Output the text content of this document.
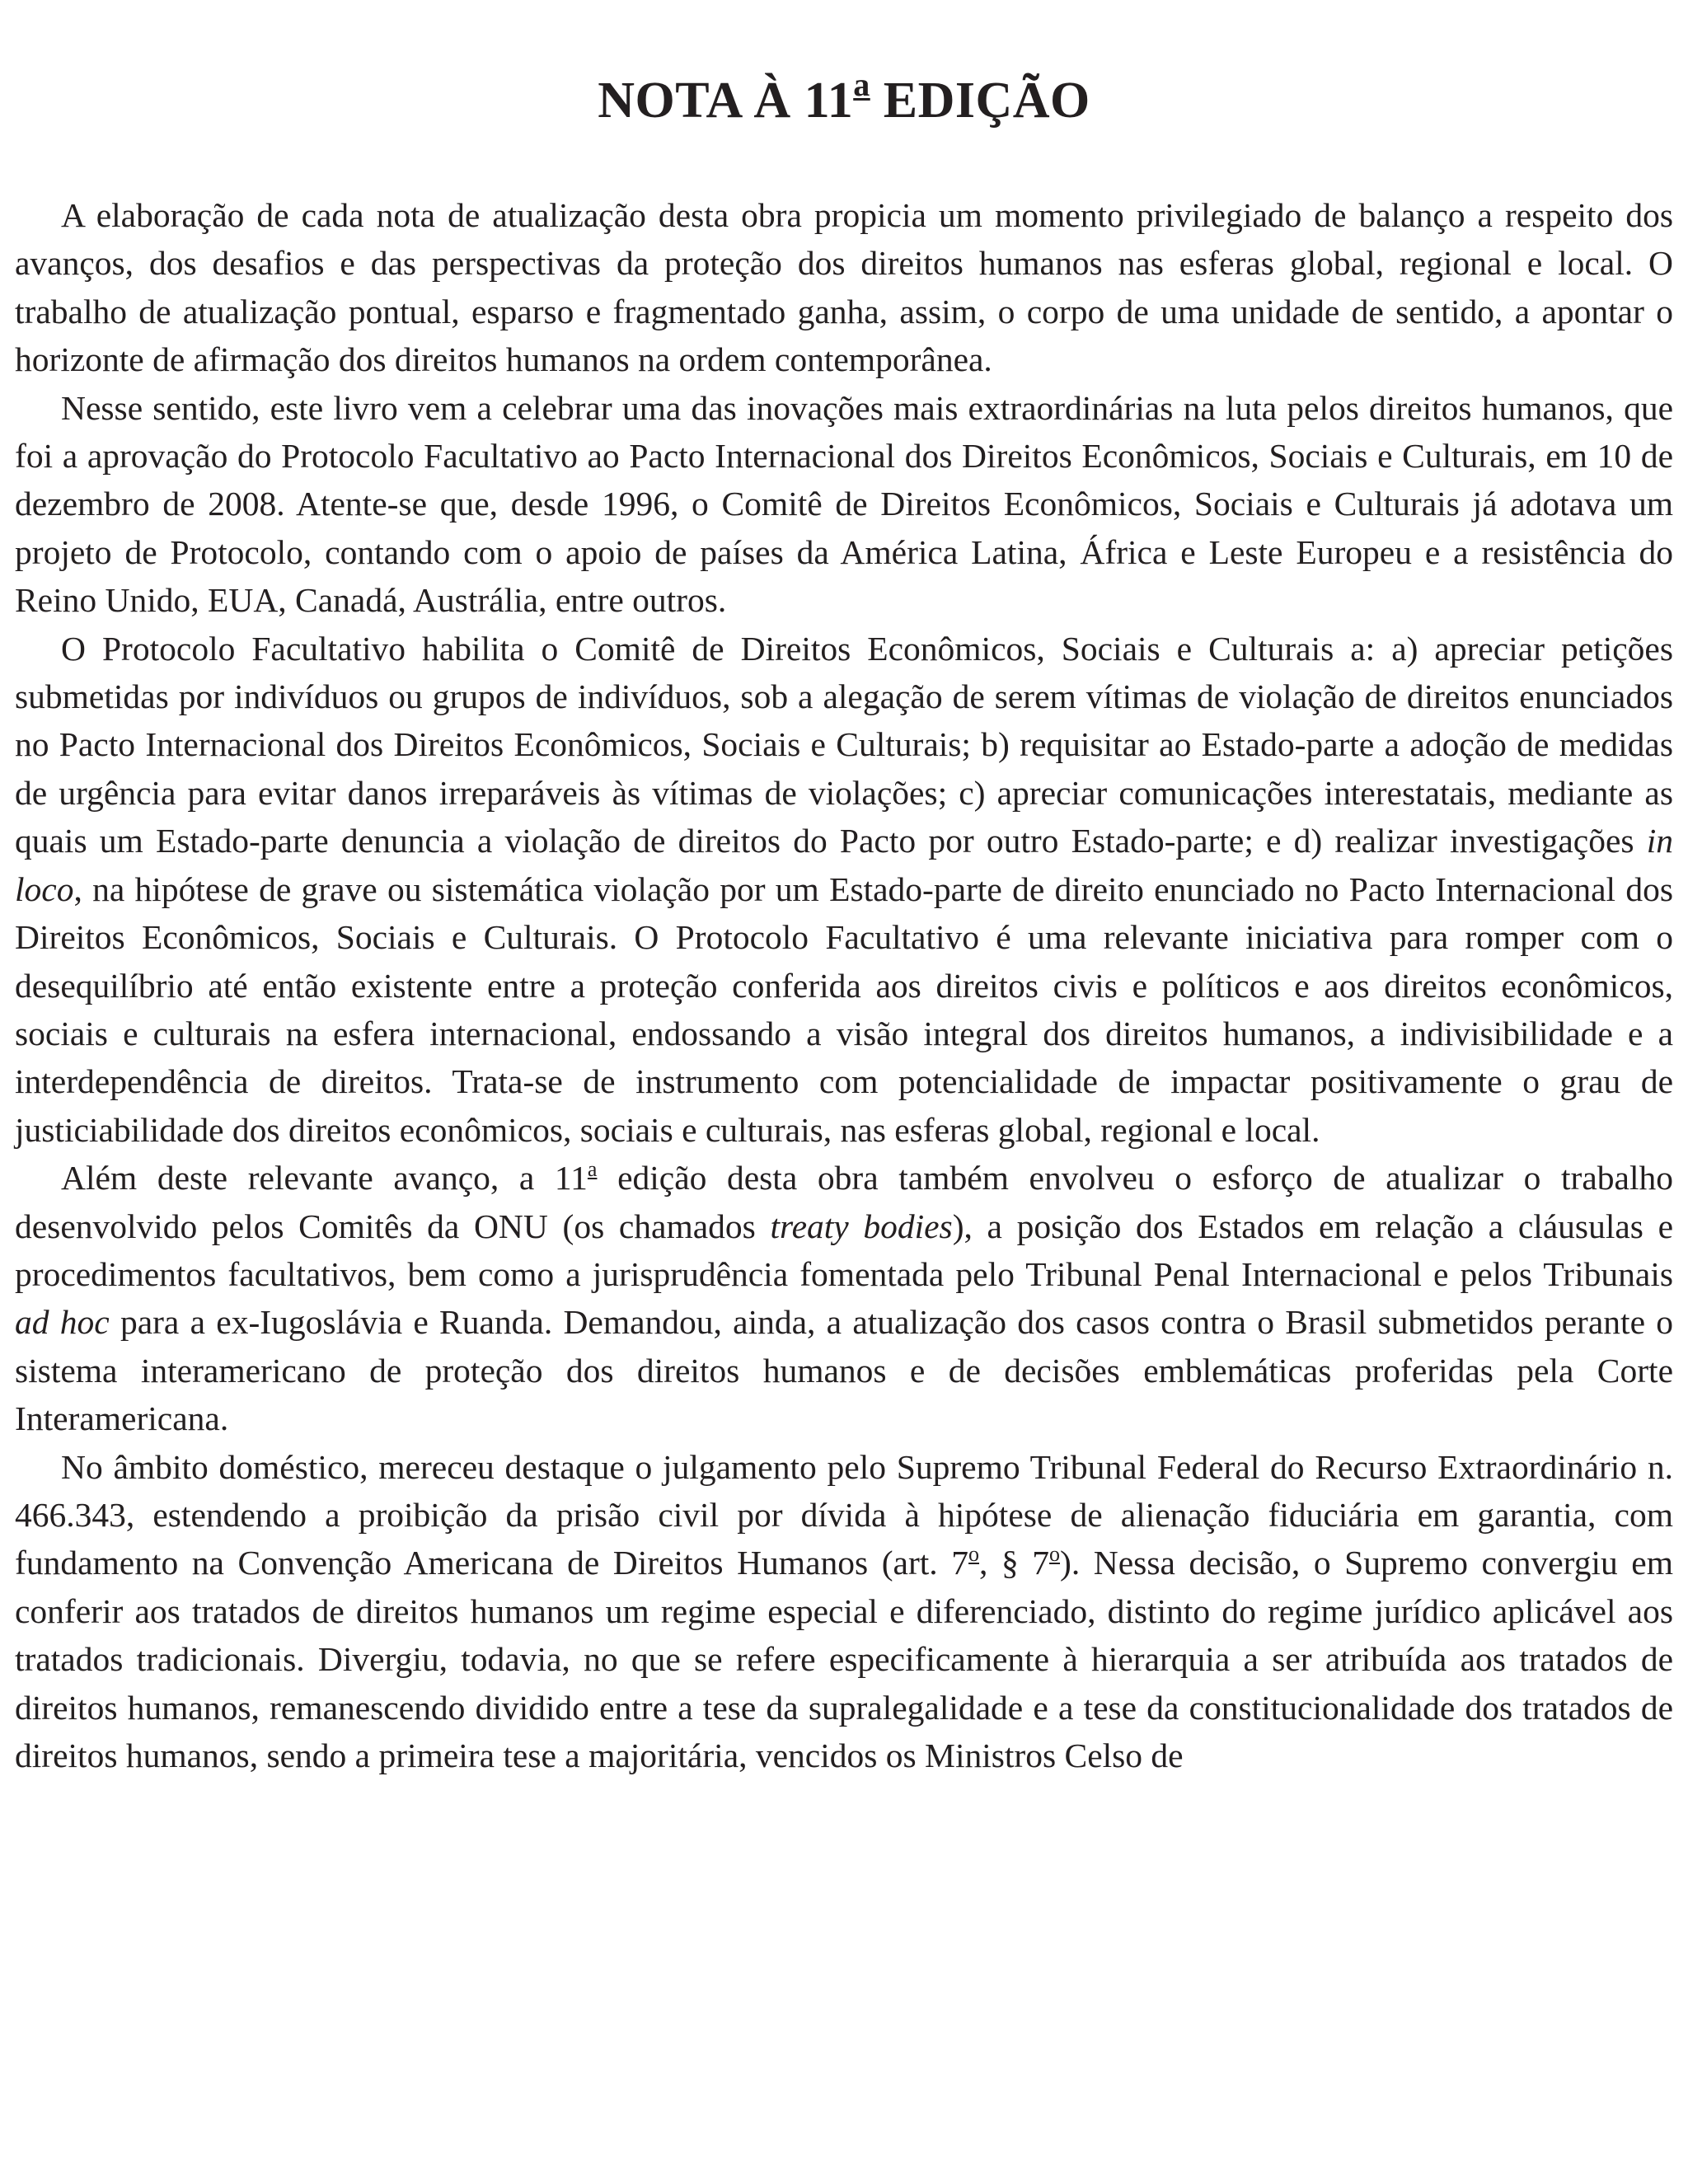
NOTA À 11$^a$ EDIÇÃO

A elaboração de cada nota de atualização desta obra propicia um momento privilegiado de balanço a respeito dos avanços, dos desafios e das perspectivas da proteção dos direitos humanos nas esferas global, regional e local. O trabalho de atualização pontual, esparso e fragmentado ganha, assim, o corpo de uma unidade de sentido, a apontar o horizonte de afirmação dos direitos humanos na ordem contemporânea.

Nesse sentido, este livro vem a celebrar uma das inovações mais extraordinárias na luta pelos direitos humanos, que foi a aprovação do Protocolo Facultativo ao Pacto Internacional dos Direitos Econômicos, Sociais e Culturais, em 10 de dezembro de 2008. Atente-se que, desde 1996, o Comitê de Direitos Econômicos, Sociais e Culturais já adotava um projeto de Protocolo, contando com o apoio de países da América Latina, África e Leste Europeu e a resistência do Reino Unido, EUA, Canadá, Austrália, entre outros.

O Protocolo Facultativo habilita o Comitê de Direitos Econômicos, Sociais e Culturais a: a) apreciar petições submetidas por indivíduos ou grupos de indivíduos, sob a alegação de serem vítimas de violação de direitos enunciados no Pacto Internacional dos Direitos Econômicos, Sociais e Culturais; b) requisitar ao Estado-parte a adoção de medidas de urgência para evitar danos irreparáveis às vítimas de violações; c) apreciar comunicações interestatais, mediante as quais um Estado-parte denuncia a violação de direitos do Pacto por outro Estado-parte; e d) realizar investigações in loco, na hipótese de grave ou sistemática violação por um Estado-parte de direito enunciado no Pacto Internacional dos Direitos Econômicos, Sociais e Culturais. O Protocolo Facultativo é uma relevante iniciativa para romper com o desequilíbrio até então existente entre a proteção conferida aos direitos civis e políticos e aos direitos econômicos, sociais e culturais na esfera internacional, endossando a visão integral dos direitos humanos, a indivisibilidade e a interdependência de direitos. Trata-se de instrumento com potencialidade de impactar positivamente o grau de justiciabilidade dos direitos econômicos, sociais e culturais, nas esferas global, regional e local.

Além deste relevante avanço, a 11$^a$ edição desta obra também envolveu o esforço de atualizar o trabalho desenvolvido pelos Comitês da ONU (os chamados treaty bodies), a posição dos Estados em relação a cláusulas e procedimentos facultativos, bem como a jurisprudência fomentada pelo Tribunal Penal Internacional e pelos Tribunais ad hoc para a ex-Iugoslávia e Ruanda. Demandou, ainda, a atualização dos casos contra o Brasil submetidos perante o sistema interamericano de proteção dos direitos humanos e de decisões emblemáticas proferidas pela Corte Interamericana.

No âmbito doméstico, mereceu destaque o julgamento pelo Supremo Tribunal Federal do Recurso Extraordinário n. 466.343, estendendo a proibição da prisão civil por dívida à hipótese de alienação fiduciária em garantia, com fundamento na Convenção Americana de Direitos Humanos (art. 7$^o$, § 7$^o$). Nessa decisão, o Supremo convergiu em conferir aos tratados de direitos humanos um regime especial e diferenciado, distinto do regime jurídico aplicável aos tratados tradicionais. Divergiu, todavia, no que se refere especificamente à hierarquia a ser atribuída aos tratados de direitos humanos, remanescendo dividido entre a tese da supralegalidade e a tese da constitucionalidade dos tratados de direitos humanos, sendo a primeira tese a majoritária, vencidos os Ministros Celso de
